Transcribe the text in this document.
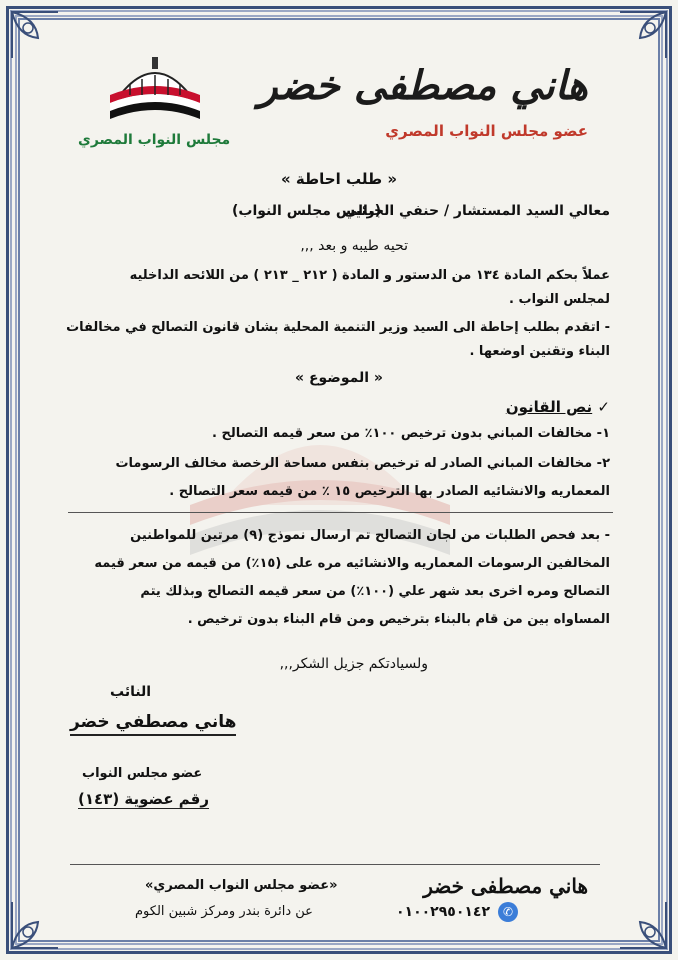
هاني مصطفى خضر
عضو مجلس النواب المصري
مجلس النواب المصري
« طلب احاطة »
معالي السيد المستشار / حنفي الجبالي
(رئيس مجلس النواب)
تحيه طيبه و بعد ,,,
عملاً بحكم المادة ١٣٤ من الدستور و المادة ( ٢١٢ _ ٢١٣ ) من اللائحه الداخليه
لمجلس النواب .
- اتقدم بطلب إحاطة الى السيد وزير التنمية المحلية بشان قانون التصالح في مخالفات
البناء وتقنين اوضعها .
« الموضوع »
✓ نص القانون
١- مخالفات المباني بدون ترخيص ١٠٠٪ من سعر قيمه التصالح .
٢- مخالفات المباني الصادر له ترخيص بنفس مساحة الرخصة مخالف الرسومات
المعماريه والانشائيه الصادر بها الترخيص ١٥ ٪ من قيمه سعر التصالح .
- بعد فحص الطلبات من لجان التصالح تم ارسال نموذج (٩) مرتين للمواطنين
المخالفين الرسومات المعماريه والانشائيه مره على (١٥٪) من قيمه من سعر قيمه
التصالح ومره اخرى بعد شهر علي (١٠٠٪) من سعر قيمه التصالح وبذلك يتم
المساواه بين من قام بالبناء بترخيص ومن قام البناء بدون ترخيص .
ولسيادتكم جزيل الشكر,,,
النائب
هاني مصطفي خضر
عضو مجلس النواب
رقم عضوية (١٤٣)
هاني مصطفى خضر
«عضو مجلس النواب المصري»
عن دائرة بندر ومركز شبين الكوم	✆
٠١٠٠٢٩٥٠١٤٢
